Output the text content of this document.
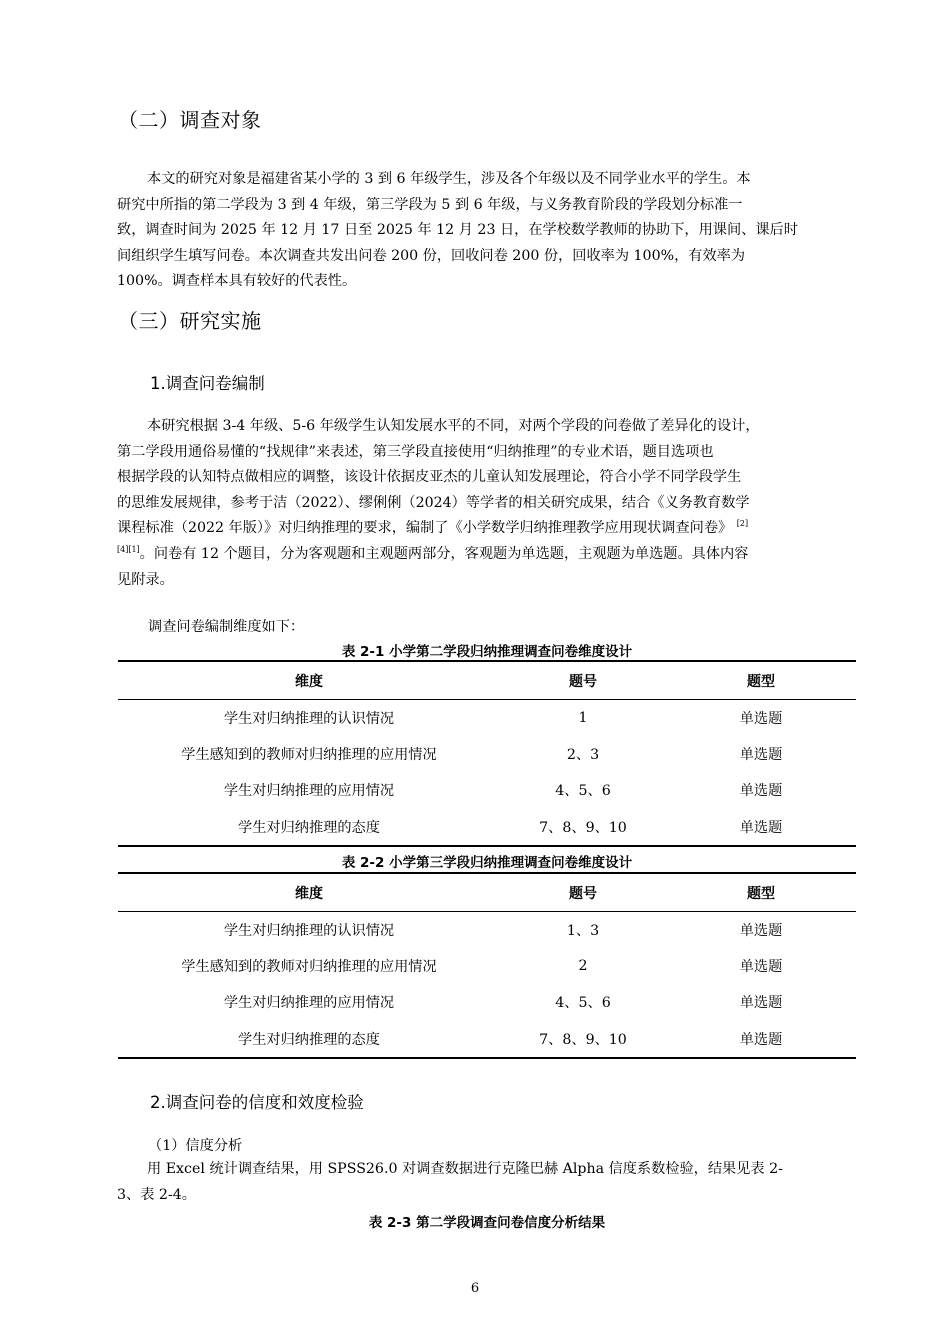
（二）调查对象
本文的研究对象是福建省某小学的 3 到 6 年级学生，涉及各个年级以及不同学业水平的学生。本
研究中所指的第二学段为 3 到 4 年级，第三学段为 5 到 6 年级，与义务教育阶段的学段划分标准一
致，调查时间为 2025 年 12 月 17 日至 2025 年 12 月 23 日，在学校数学教师的协助下，用课间、课后时
间组织学生填写问卷。本次调查共发出问卷 200 份，回收问卷 200 份，回收率为 100%，有效率为
100%。调查样本具有较好的代表性。
（三）研究实施
1.调查问卷编制
本研究根据 3-4 年级、5-6 年级学生认知发展水平的不同，对两个学段的问卷做了差异化的设计，
第二学段用通俗易懂的“找规律”来表述，第三学段直接使用“归纳推理”的专业术语，题目选项也
根据学段的认知特点做相应的调整，该设计依据皮亚杰的儿童认知发展理论，符合小学不同学段学生
的思维发展规律，参考于洁（2022）、缪俐俐（2024）等学者的相关研究成果，结合《义务教育数学
课程标准（2022 年版）》对归纳推理的要求，编制了《小学数学归纳推理教学应用现状调查问卷》 [2]
[4][1]。问卷有 12 个题目，分为客观题和主观题两部分，客观题为单选题，主观题为单选题。具体内容
见附录。
调查问卷编制维度如下：
表 2-1 小学第二学段归纳推理调查问卷维度设计
维度	题号	题型
学生对归纳推理的认识情况	1	单选题
学生感知到的教师对归纳推理的应用情况	2、3	单选题
学生对归纳推理的应用情况	4、5、6	单选题
学生对归纳推理的态度	7、8、9、10	单选题
表 2-2 小学第三学段归纳推理调查问卷维度设计
维度	题号	题型
学生对归纳推理的认识情况	1、3	单选题
学生感知到的教师对归纳推理的应用情况	2	单选题
学生对归纳推理的应用情况	4、5、6	单选题
学生对归纳推理的态度	7、8、9、10	单选题
2.调查问卷的信度和效度检验
（1）信度分析
用 Excel 统计调查结果，用 SPSS26.0 对调查数据进行克隆巴赫 Alpha 信度系数检验，结果见表 2-
3、表 2-4。
表 2-3 第二学段调查问卷信度分析结果
6
